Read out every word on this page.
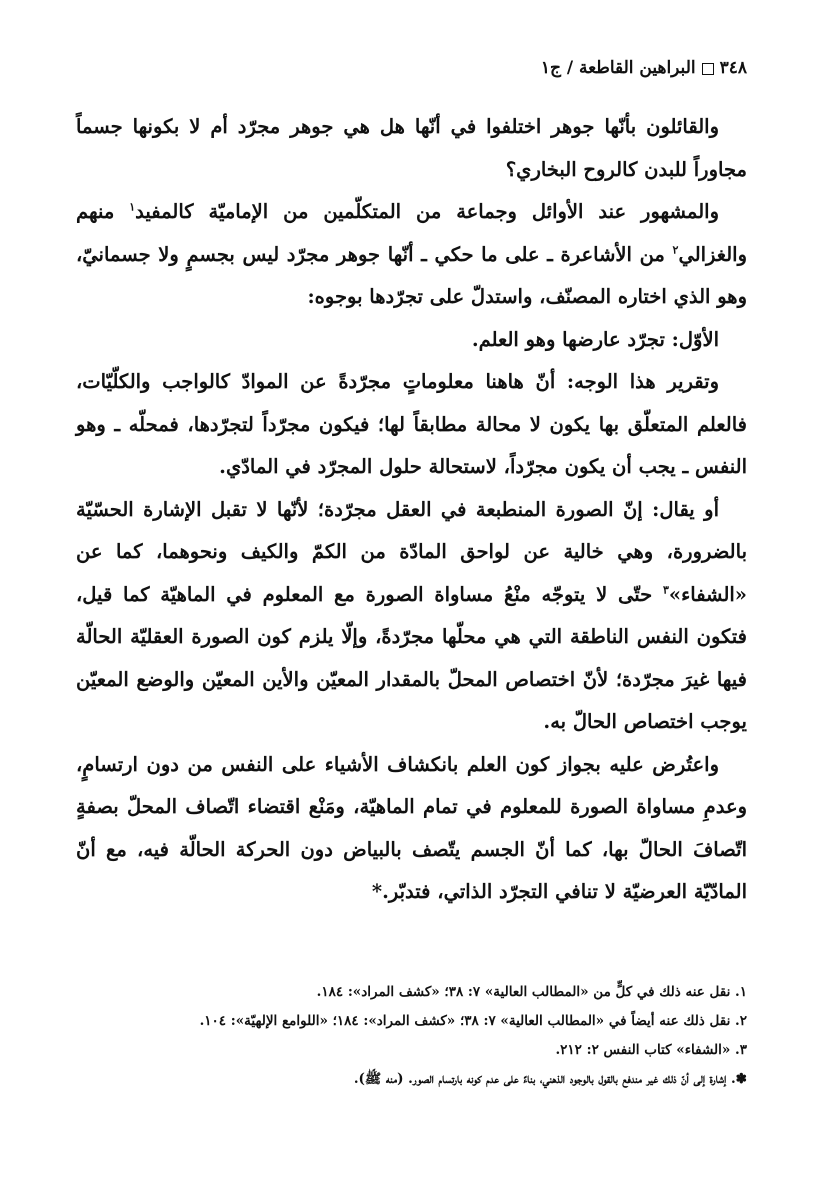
٣٤٨البراهين القاطعة / ج١

والقائلون بأنّها جوهر اختلفوا في أنّها هل هي جوهر مجرّد أم لا بكونها جسماً مجاوراً للبدن كالروح البخاري؟

والمشهور عند الأوائل وجماعة من المتكلّمين من الإماميّة كالمفيد$^١$ منهم والغزالي$^٢$ من الأشاعرة ـ على ما حكي ـ أنّها جوهر مجرّد ليس بجسمٍ ولا جسمانيّ، وهو الذي اختاره المصنّف، واستدلّ على تجرّدها بوجوه:

الأوّل: تجرّد عارضها وهو العلم.

وتقرير هذا الوجه: أنّ هاهنا معلوماتٍ مجرّدةً عن الموادّ كالواجب والكلّيّات، فالعلم المتعلّق بها يكون لا محالة مطابقاً لها؛ فيكون مجرّداً لتجرّدها، فمحلّه ـ وهو النفس ـ يجب أن يكون مجرّداً، لاستحالة حلول المجرّد في المادّي.

أو يقال: إنّ الصورة المنطبعة في العقل مجرّدة؛ لأنّها لا تقبل الإشارة الحسّيّة بالضرورة، وهي خالية عن لواحق المادّة من الكمّ والكيف ونحوهما، كما عن «الشفاء»$^٣$ حتّى لا يتوجّه منْعُ مساواة الصورة مع المعلوم في الماهيّة كما قيل، فتكون النفس الناطقة التي هي محلّها مجرّدةً، وإلّا يلزم كون الصورة العقليّة الحالّة فيها غيرَ مجرّدة؛ لأنّ اختصاص المحلّ بالمقدار المعيّن والأين المعيّن والوضع المعيّن يوجب اختصاص الحالّ به.

واعتُرض عليه بجواز كون العلم بانكشاف الأشياء على النفس من دون ارتسامٍ، وعدمِ مساواة الصورة للمعلوم في تمام الماهيّة، ومَنْع اقتضاء اتّصاف المحلّ بصفةٍ اتّصافَ الحالّ بها، كما أنّ الجسم يتّصف بالبياض دون الحركة الحالّة فيه، مع أنّ المادّيّة العرضيّة لا تنافي التجرّد الذاتي، فتدبّر.*

١. نقل عنه ذلك في كلٍّ من «المطالب العالية» ٧: ٣٨؛ «كشف المراد»: ١٨٤.

٢. نقل ذلك عنه أيضاً في «المطالب العالية» ٧: ٣٨؛ «كشف المراد»: ١٨٤؛ «اللوامع الإلهيّة»: ١٠٤.

٣. «الشفاء» كتاب النفس ٢: ٢١٢.

✽. إشارة إلى أنّ ذلك غير مندفع بالقول بالوجود الذهني، بناءً على عدم كونه بارتسام الصور. (منه ﷺ).
